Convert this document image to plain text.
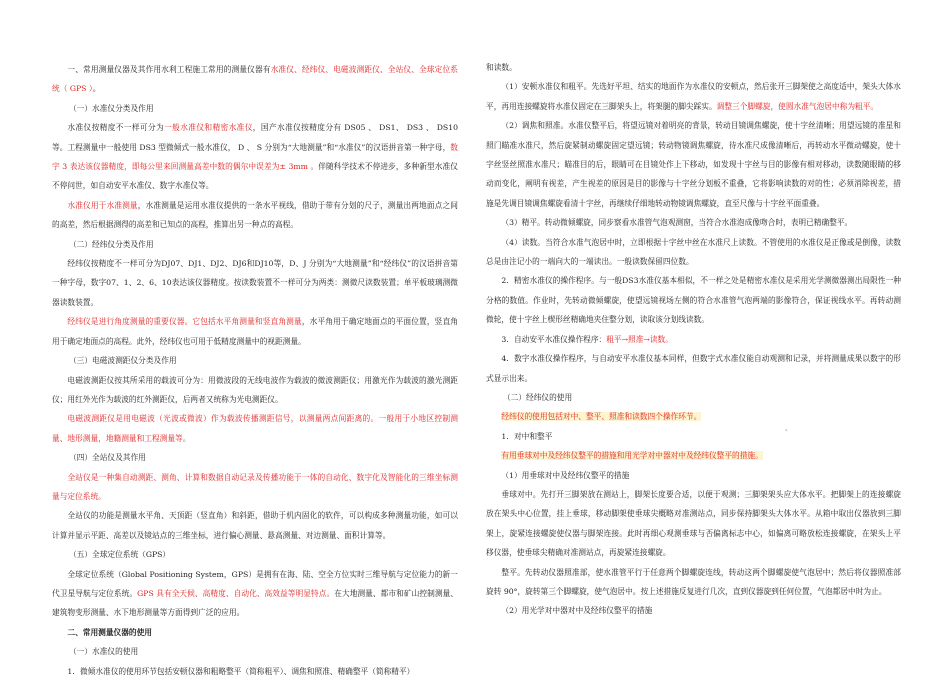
一、常用测量仪器及其作用水利工程施工常用的测量仪器有水准仪、经纬仪、电磁波测距仪、全站仪、全球定位系统（ GPS ）。

（一）水准仪分类及作用

水准仪按精度不一样可分为一般水准仪和精密水准仪，国产水准仪按精度分有 DS05 、 DS1、 DS3 、 DS10 等。工程测量中一般使用 DS3 型微倾式一般水准仪， D 、 S 分别为“大地测量”和“水准仪”的汉语拼音第一种字母，数字 3 表达该仪器精度，即每公里来回测量高差中数的偶尔中误差为± 3mm 。伴随科学技术不停进步，多种新型水准仪不停问世，如自动安平水准仪、数字水准仪等。

水准仪用于水准测量，水准测量是运用水准仪提供的一条水平视线，借助于带有分划的尺子，测量出两地面点之间的高差，然后根据测得的高差和已知点的高程，推算出另一种点的高程。

（二）经纬仪分类及作用

经纬仪按精度不一样可分为DJ07、DJ1、DJ2、DJ6和DJ10等，D、J 分别为“大地测量”和“经纬仪”的汉语拼音第一种字母，数字07、1、2、6、10表达该仪器精度。按读数装置不一样可分为两类：测微尺读数装置；单平板玻璃测微器读数装置。

经纬仪是进行角度测量的重要仪器。它包括水平角测量和竖直角测量，水平角用于确定地面点的平面位置，竖直角用于确定地面点的高程。此外，经纬仪也可用于低精度测量中的视距测量。

（三）电磁波测距仪分类及作用

电磁波测距仪按其所采用的载波可分为：用微波段的无线电波作为载波的微波测距仪；用激光作为载波的激光测距仪；用红外光作为载波的红外测距仪，后两者又统称为光电测距仪。

电磁波测距仪是用电磁波（光波或微波）作为载波传播测距信号，以测量两点间距离的。一般用于小地区控制测量、地形测量，地籍测量和工程测量等。

（四）全站仪及其作用

全站仪是一种集自动测距、测角、计算和数据自动记录及传播功能于一体的自动化、数字化及智能化的三维坐标测量与定位系统。

全站仪的功能是测量水平角、天顶距（竖直角）和斜距，借助于机内固化的软件，可以构成多种测量功能，如可以计算并显示平距、高差以及镜站点的三维坐标，进行偏心测量、悬高测量、对边测量、面积计算等。

（五）全球定位系统（GPS）

全球定位系统（Global Positioning System，GPS）是拥有在海、陆、空全方位实时三维导航与定位能力的新一代卫星导航与定位系统。GPS 具有全天候、高精度、自动化、高效益等明显特点。在大地测量、都市和矿山控制测量、建筑物变形测量、水下地形测量等方面得到广泛的应用。

二、常用测量仪器的使用

（一）水准仪的使用

1．微倾水准仪的使用环节包括安顿仪器和粗略整平（简称粗平）、调焦和照准、精确整平（简称精平）

和读数。

（1）安顿水准仪和粗平。先选好平坦、结实的地面作为水准仪的安顿点，然后张开三脚架使之高度适中，架头大体水平，再用连接螺旋将水准仪固定在三脚架头上，将架腿的脚尖踩实。调整三个脚螺旋，使圆水准气泡居中称为粗平。

（2）调焦和照准。水准仪整平后，将望远镜对着明亮的背景，转动目镜调焦螺旋，使十字丝清晰；用望远镜的准星和照门瞄准水准尺，然后旋紧制动螺旋固定望远镜；转动物镜调焦螺旋，待水准尺成像清晰后，再转动水平微动螺旋，使十字丝竖丝照准水准尺；瞄准目的后，眼睛可在目镜处作上下移动，如发现十字丝与目的影像有相对移动，读数随眼睛的移动而变化，阐明有视差，产生视差的原因是目的影像与十字丝分划板不重叠，它将影响读数的对的性；必须消除视差，措施是先调目镜调焦螺旋看清十字丝，再继续仔细地转动物镜调焦螺旋，直至尺像与十字丝平面重叠。

（3）精平。转动微倾螺旋，同步察看水准管气泡观测窗，当符合水准泡成像吻合时，表明已精确整平。

（4）读数。当符合水准气泡居中时，立即根据十字丝中丝在水准尺上读数。不管使用的水准仪是正像或是倒像，读数总是由注记小的一端向大的一端读出。一般读数保留四位数。

2．精密水准仪的操作程序。与一般DS3水准仪基本相似，不一样之处是精密水准仪是采用光学测微器测出局限性一种分格的数值。作业时，先转动微倾螺旋，使望远镜视场左侧的符合水准管气泡两端的影像符合，保证视线水平。再转动测微轮，使十字丝上楔形丝精确地夹住整分划，读取该分划线读数。

3．自动安平水准仪操作程序：粗平→照准→读数。

4．数字水准仪操作程序，与自动安平水准仪基本同样，但数字式水准仪能自动观测和记录，并将测量成果以数字的形式显示出来。

（二）经纬仪的使用

经纬仪的使用包括对中、整平、照准和读数四个操作环节。

1．对中和整平

有用垂球对中及经纬仪整平的措施和用光学对中器对中及经纬仪整平的措施。

（1）用垂球对中及经纬仪整平的措施

垂球对中。先打开三脚架放在测站上，脚架长度要合适，以便于观测；三脚架架头应大体水平。把脚架上的连接螺旋放在架头中心位置，挂上垂球，移动脚架使垂球尖概略对准测站点，同步保持脚架头大体水平。从箱中取出仪器放到三脚架上，旋紧连接螺旋使仪器与脚架连接。此时再细心观测垂球与否偏离标志中心，如偏离可略放松连接螺旋，在架头上平移仪器，使垂球尖精确对准测站点，再旋紧连接螺旋。

整平。先转动仪器照准部，使水准管平行于任意两个脚螺旋连线，转动这两个脚螺旋使气泡居中；然后将仪器照准部旋转 90°，旋转第三个脚螺旋，使气泡居中。按上述措施反复进行几次，直到仪器旋到任何位置，气泡都居中时为止。

（2）用光学对中器对中及经纬仪整平的措施

'
